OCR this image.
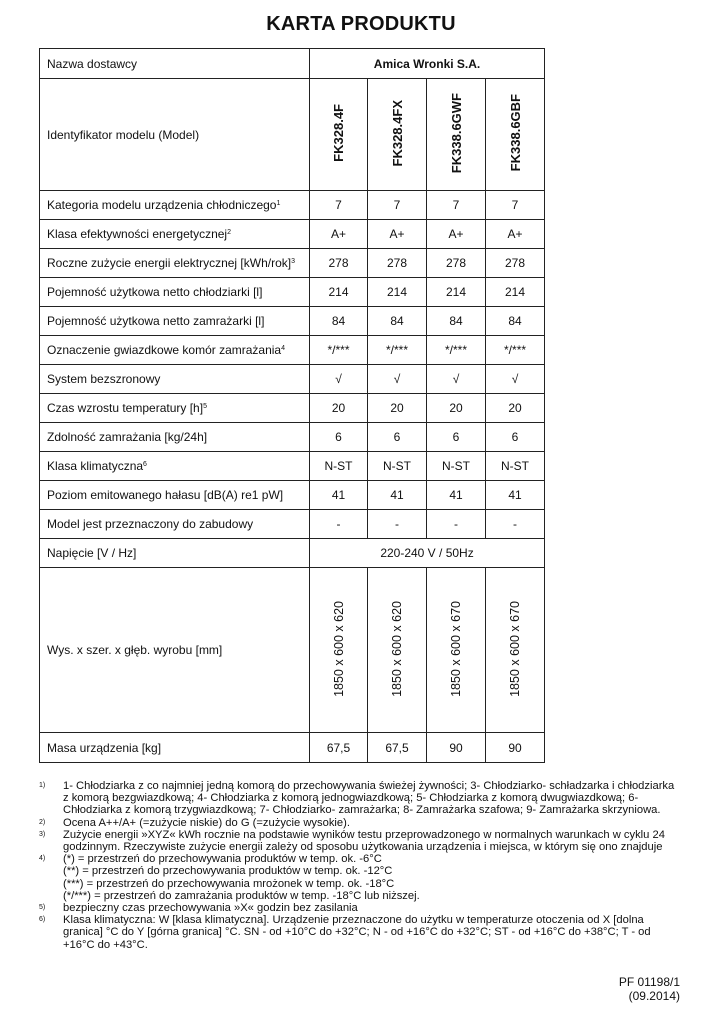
KARTA PRODUKTU
Nazwa dostawcy	Amica Wronki S.A.			
Identyfikator modelu (Model)	FK328.4F	FK328.4FX	FK338.6GWF	FK338.6GBF
Kategoria modelu urządzenia chłodniczego$^1$	7	7	7	7
Klasa efektywności energetycznej$^2$	A+	A+	A+	A+
Roczne zużycie energii elektrycznej $[kWh/rok]^3$	278	278	278	278
Pojemność użytkowa netto chłodziarki [l]	214	214	214	214
Pojemność użytkowa netto zamrażarki [l]	84	84	84	84
Oznaczenie gwiazdkowe komór zamrażania$^4$	*/***	*/***	*/***	*/***
System bezszronowy	√	√	√	√
Czas wzrostu temperatury $[h]^5$	20	20	20	20
Zdolność zamrażania [kg/24h]	6	6	6	6
Klasa klimatyczna$^6$	N-ST	N-ST	N-ST	N-ST
Poziom emitowanego hałasu [dB(A) re1 pW]	41	41	41	41
Model jest przeznaczony do zabudowy	-	-	-	-
Napięcie [V / Hz]	220-240 V / 50Hz			
Wys. x szer. x głęb. wyrobu [mm]	1850 x 600 x 620	1850 x 600 x 620	1850 x 600 x 670	1850 x 600 x 670
Masa urządzenia [kg]	67,5	67,5	90	90
1)	1- Chłodziarka z co najmniej jedną komorą do przechowywania świeżej żywności; 3- Chłodziarko- schładzarka i chłodziarka z komorą bezgwiazdkową; 4- Chłodziarka z komorą jednogwiazdkową; 5- Chłodziarka z komorą dwugwiazdkową; 6- Chłodziarka z komorą trzygwiazdkową; 7- Chłodziarko- zamrażarka; 8- Zamrażarka szafowa; 9- Zamrażarka skrzyniowa.
2)	Ocena A++/A+ (=zużycie niskie) do G (=zużycie wysokie).
3)	Zużycie energii »XYZ« kWh rocznie na podstawie wyników testu przeprowadzonego w normalnych warunkach w cyklu 24 godzinnym. Rzeczywiste zużycie energii zależy od sposobu użytkowania urządzenia i miejsca, w którym się ono znajduje
4)	(*) = przestrzeń do przechowywania produktów w temp. ok. -6°C
(**) = przestrzeń do przechowywania produktów w temp. ok. -12°C
(***) = przestrzeń do przechowywania mrożonek w temp. ok. -18°C
(*/***) = przestrzeń do zamrażania produktów w temp. -18°C lub niższej.
5)	bezpieczny czas przechowywania »X« godzin bez zasilania
6)	Klasa klimatyczna: W [klasa klimatyczna]. Urządzenie przeznaczone do użytku w temperaturze otoczenia od X [dolna granica] °C do Y [górna granica] °C. SN - od +10°C do +32°C; N - od +16°C do +32°C; ST - od +16°C do +38°C; T - od +16°C do +43°C.
PF 01198/1
(09.2014)
